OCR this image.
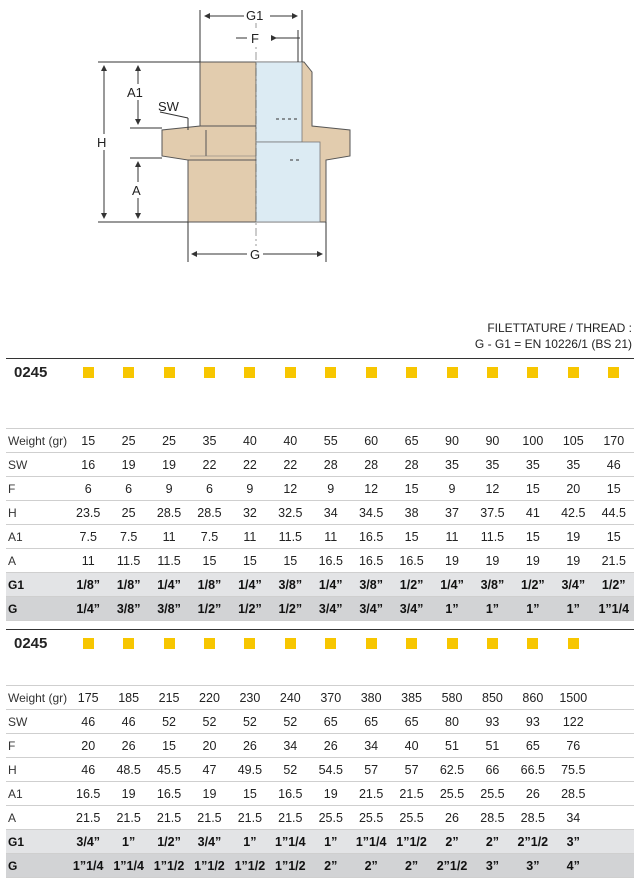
G1
F
A1
SW
H
A
G
FILETTATURE / THREAD :
G - G1 = EN 10226/1 (BS 21)
0245														

Weight (gr)	15	25	25	35	40	40	55	60	65	90	90	100	105	170
SW	16	19	19	22	22	22	28	28	28	35	35	35	35	46
F	6	6	9	6	9	12	9	12	15	9	12	15	20	15
H	23.5	25	28.5	28.5	32	32.5	34	34.5	38	37	37.5	41	42.5	44.5
A1	7.5	7.5	11	7.5	11	11.5	11	16.5	15	11	11.5	15	19	15
A	11	11.5	11.5	15	15	15	16.5	16.5	16.5	19	19	19	19	21.5
G1	1/8”	1/8”	1/4”	1/8”	1/4”	3/8”	1/4”	3/8”	1/2”	1/4”	3/8”	1/2”	3/4”	1/2”
G	1/4”	3/8”	3/8”	1/2”	1/2”	1/2”	3/4”	3/4”	3/4”	1”	1”	1”	1”	1”1/4
0245														

Weight (gr)	175	185	215	220	230	240	370	380	385	580	850	860	1500	
SW	46	46	52	52	52	52	65	65	65	80	93	93	122	
F	20	26	15	20	26	34	26	34	40	51	51	65	76	
H	46	48.5	45.5	47	49.5	52	54.5	57	57	62.5	66	66.5	75.5	
A1	16.5	19	16.5	19	15	16.5	19	21.5	21.5	25.5	25.5	26	28.5	
A	21.5	21.5	21.5	21.5	21.5	21.5	25.5	25.5	25.5	26	28.5	28.5	34	
G1	3/4”	1”	1/2”	3/4”	1”	1”1/4	1”	1”1/4	1”1/2	2”	2”	2”1/2	3”	
G	1”1/4	1”1/4	1”1/2	1”1/2	1”1/2	1”1/2	2”	2”	2”	2”1/2	3”	3”	4”	
